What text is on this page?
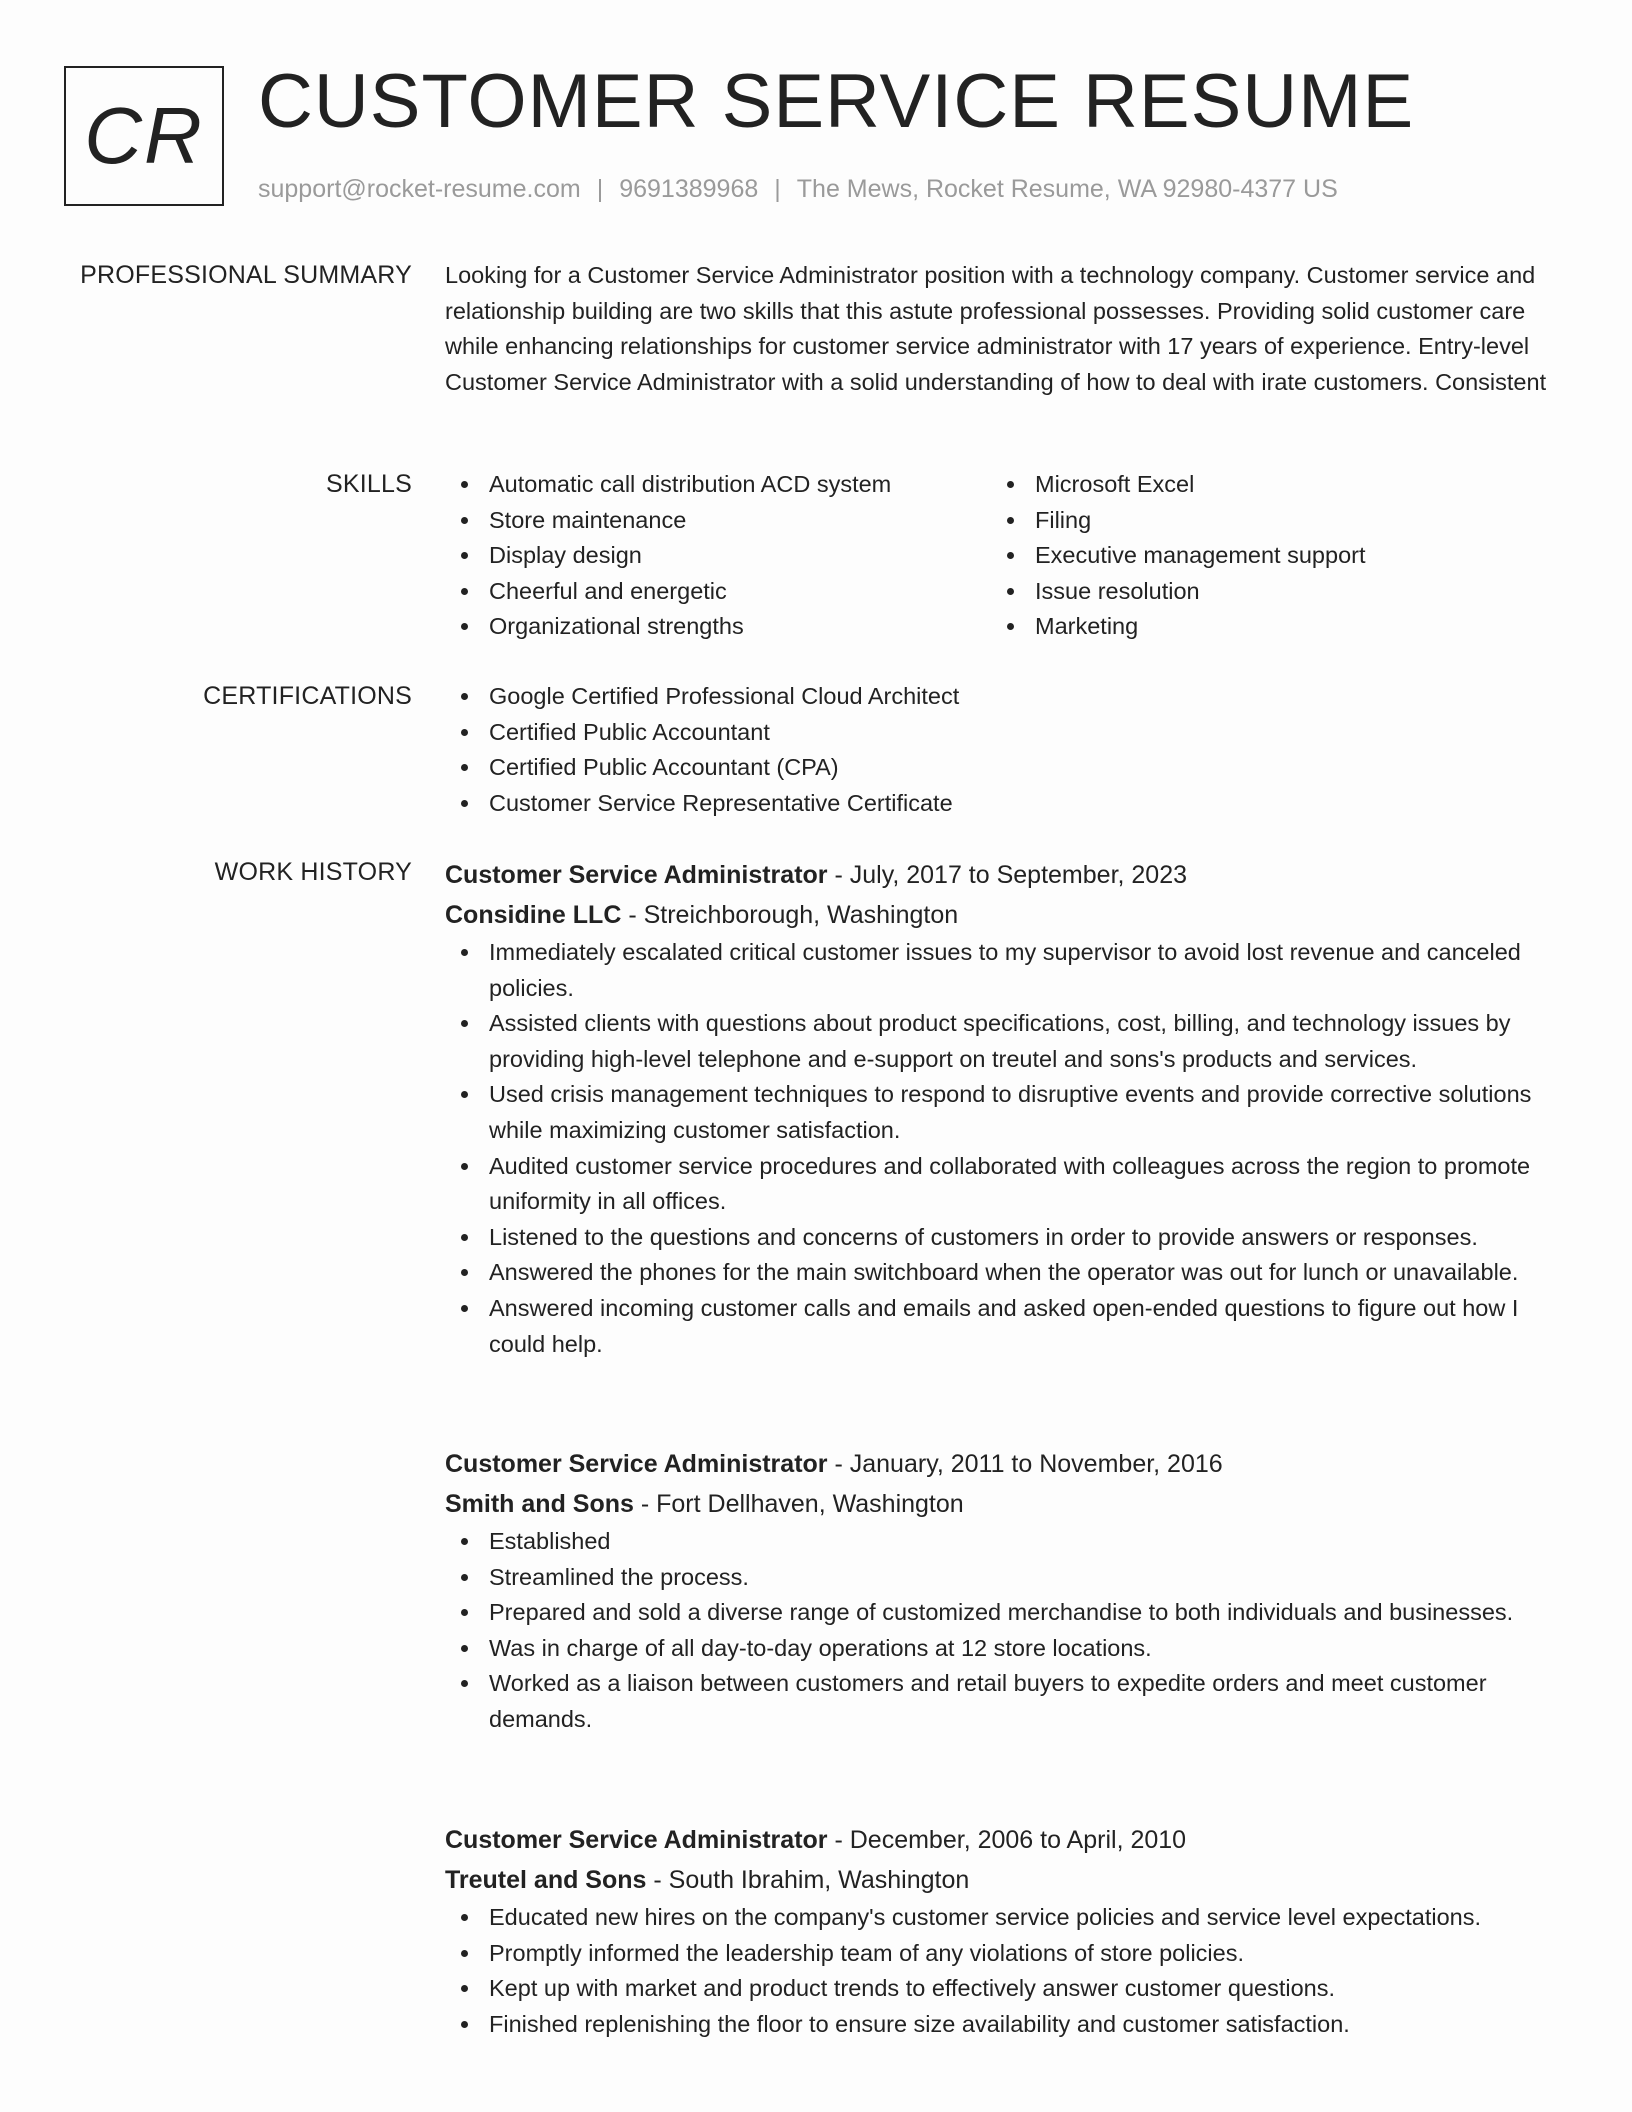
CR CUSTOMER SERVICE RESUME
support@rocket-resume.com | 9691389968 | The Mews, Rocket Resume, WA 92980-4377 US
PROFESSIONAL SUMMARY Looking for a Customer Service Administrator position with a technology company. Customer service and relationship building are two skills that this astute professional possesses. Providing solid customer care while enhancing relationships for customer service administrator with 17 years of experience. Entry-level Customer Service Administrator with a solid understanding of how to deal with irate customers. Consistent

SKILLS	Automatic call distribution ACD system
Store maintenance
Display design
Cheerful and energetic
Organizational strengths
Microsoft Excel
Filing
Executive management support
Issue resolution
Marketing
CERTIFICATIONS	Google Certified Professional Cloud Architect
Certified Public Accountant
Certified Public Accountant (CPA)
Customer Service Representative Certificate
WORK HISTORY Customer Service Administrator - July, 2017 to September, 2023
Considine LLC - Streichborough, Washington
Immediately escalated critical customer issues to my supervisor to avoid lost revenue and canceled policies.
Assisted clients with questions about product specifications, cost, billing, and technology issues by providing high-level telephone and e-support on treutel and sons's products and services.
Used crisis management techniques to respond to disruptive events and provide corrective solutions while maximizing customer satisfaction.
Audited customer service procedures and collaborated with colleagues across the region to promote uniformity in all offices.
Listened to the questions and concerns of customers in order to provide answers or responses.
Answered the phones for the main switchboard when the operator was out for lunch or unavailable.
Answered incoming customer calls and emails and asked open-ended questions to figure out how I could help.
Customer Service Administrator - January, 2011 to November, 2016
Smith and Sons - Fort Dellhaven, Washington
Established
Streamlined the process.
Prepared and sold a diverse range of customized merchandise to both individuals and businesses.
Was in charge of all day-to-day operations at 12 store locations.
Worked as a liaison between customers and retail buyers to expedite orders and meet customer demands.
Customer Service Administrator - December, 2006 to April, 2010
Treutel and Sons - South Ibrahim, Washington
Educated new hires on the company's customer service policies and service level expectations.
Promptly informed the leadership team of any violations of store policies.
Kept up with market and product trends to effectively answer customer questions.
Finished replenishing the floor to ensure size availability and customer satisfaction.
